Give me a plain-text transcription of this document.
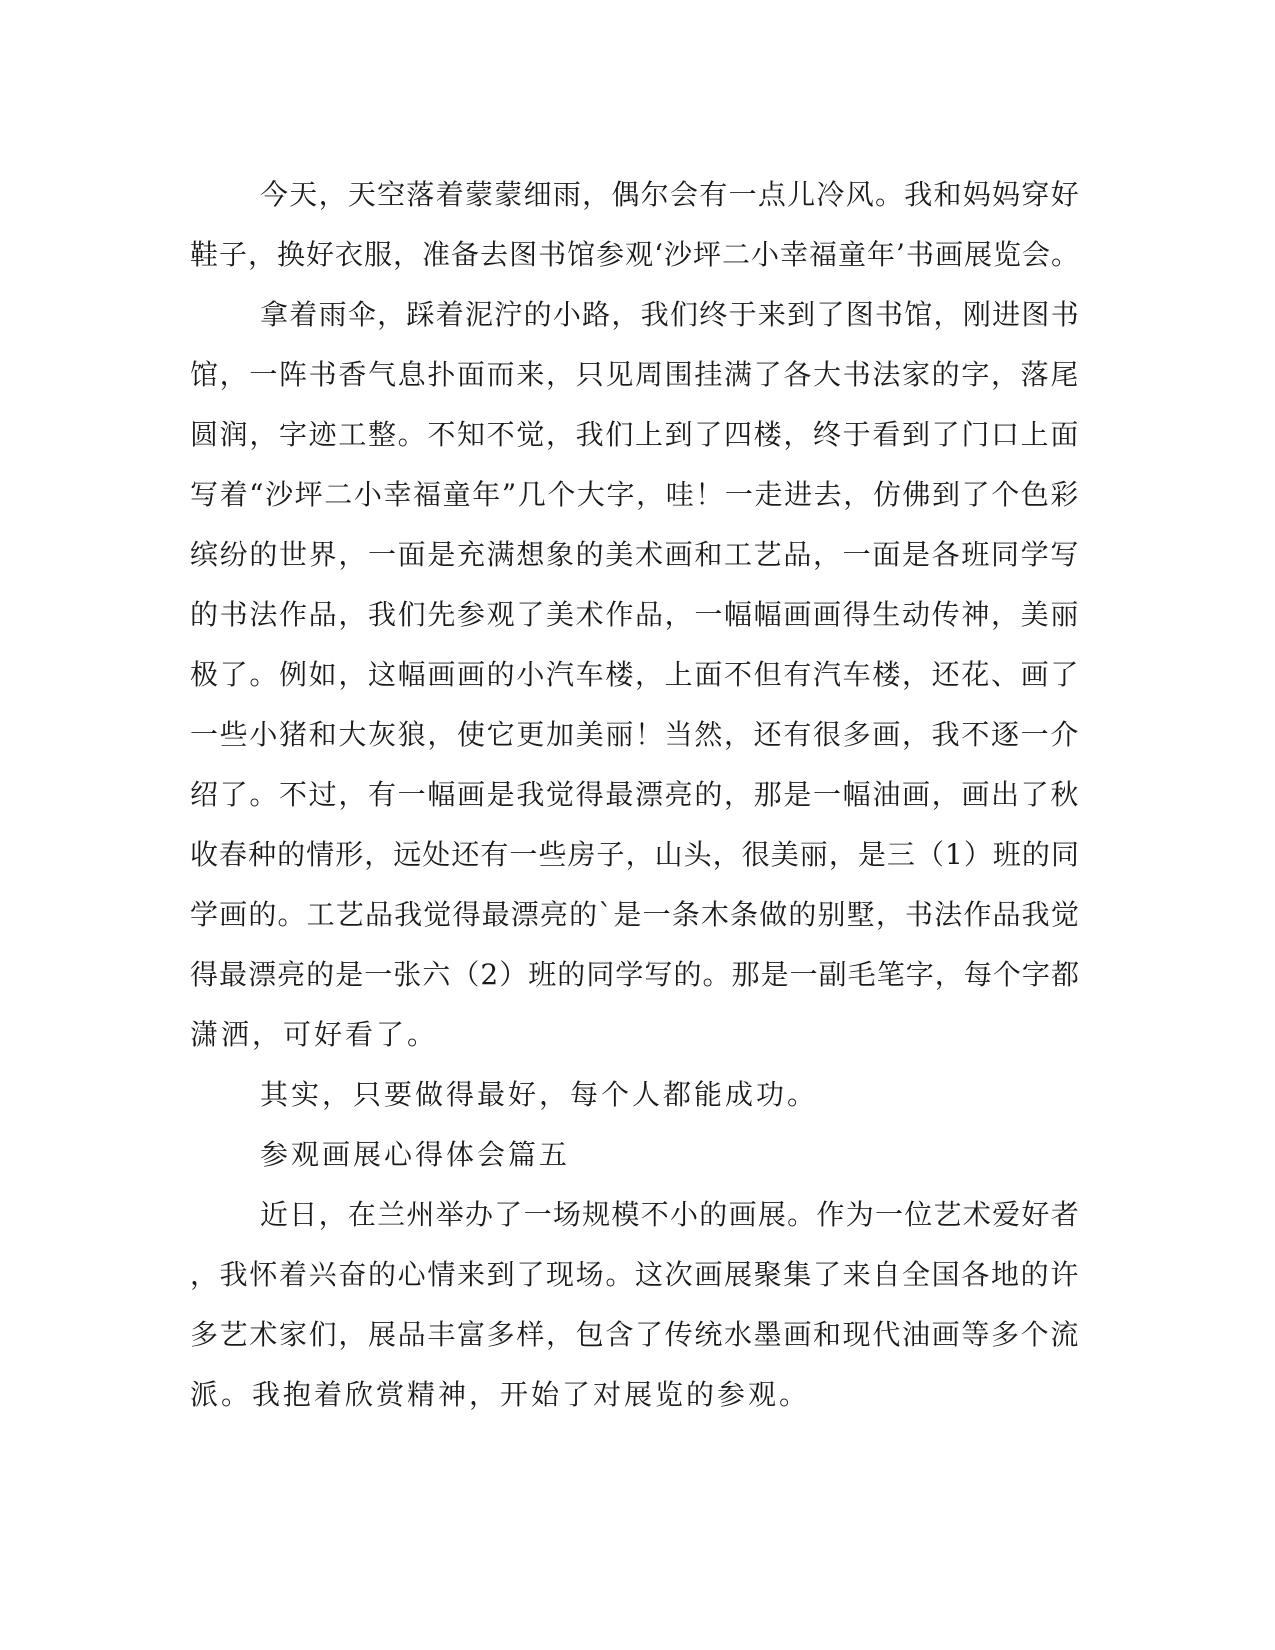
今天，天空落着蒙蒙细雨，偶尔会有一点儿冷风。我和妈妈穿好
鞋子，换好衣服，准备去图书馆参观‘沙坪二小幸福童年’书画展览会。
拿着雨伞，踩着泥泞的小路，我们终于来到了图书馆，刚进图书
馆，一阵书香气息扑面而来，只见周围挂满了各大书法家的字，落尾
圆润，字迹工整。不知不觉，我们上到了四楼，终于看到了门口上面
写着“沙坪二小幸福童年”几个大字，哇！一走进去，仿佛到了个色彩
缤纷的世界，一面是充满想象的美术画和工艺品，一面是各班同学写
的书法作品，我们先参观了美术作品，一幅幅画画得生动传神，美丽
极了。例如，这幅画画的小汽车楼，上面不但有汽车楼，还花、画了
一些小猪和大灰狼，使它更加美丽！当然，还有很多画，我不逐一介
绍了。不过，有一幅画是我觉得最漂亮的，那是一幅油画，画出了秋
收春种的情形，远处还有一些房子，山头，很美丽，是三（1）班的同
学画的。工艺品我觉得最漂亮的`是一条木条做的别墅，书法作品我觉
得最漂亮的是一张六（2）班的同学写的。那是一副毛笔字，每个字都
潇洒，可好看了。
其实，只要做得最好，每个人都能成功。
参观画展心得体会篇五
近日，在兰州举办了一场规模不小的画展。作为一位艺术爱好者
，我怀着兴奋的心情来到了现场。这次画展聚集了来自全国各地的许
多艺术家们，展品丰富多样，包含了传统水墨画和现代油画等多个流
派。我抱着欣赏精神，开始了对展览的参观。
